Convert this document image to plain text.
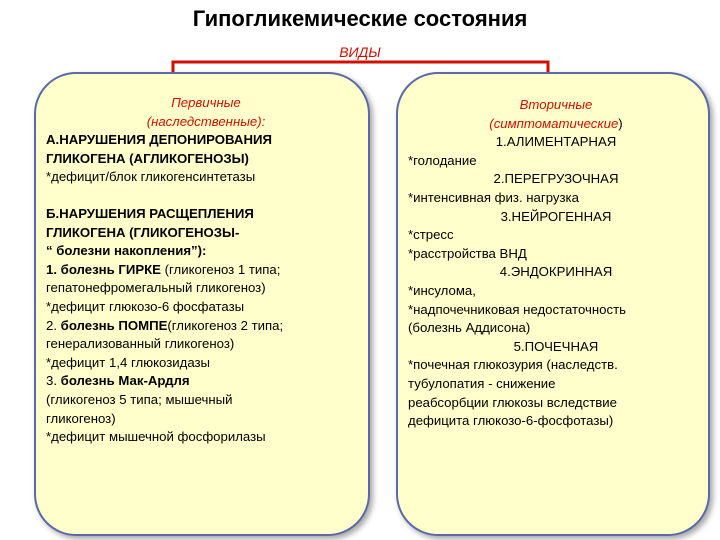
Гипогликемические состояния
ВИДЫ
Первичные
(наследственные):
А.НАРУШЕНИЯ ДЕПОНИРОВАНИЯ
ГЛИКОГЕНА (АГЛИКОГЕНОЗЫ)
*дефицит/блок гликогенсинтетазы
Б.НАРУШЕНИЯ РАСЩЕПЛЕНИЯ
ГЛИКОГЕНА (ГЛИКОГЕНОЗЫ-
“ болезни накопления”):
1. болезнь ГИРКЕ (гликогеноз 1 типа;
гепатонефромегальный гликогеноз)
*дефицит глюкозо-6 фосфатазы
2. болезнь ПОМПЕ(гликогеноз 2 типа;
генерализованный гликогеноз)
*дефицит 1,4 глюкозидазы
3. болезнь Мак-Ардля
(гликогеноз 5 типа; мышечный
гликогеноз)
*дефицит мышечной фосфорилазы
Вторичные
(симптоматические)
1.АЛИМЕНТАРНАЯ
*голодание
2.ПЕРЕГРУЗОЧНАЯ
*интенсивная физ. нагрузка
3.НЕЙРОГЕННАЯ
*стресс
*расстройства ВНД
4.ЭНДОКРИННАЯ
*инсулома,
*надпочечниковая недостаточность
(болезнь Аддисона)
5.ПОЧЕЧНАЯ
*почечная глюкозурия (наследств.
тубулопатия - снижение
реабсорбции глюкозы вследствие
дефицита глюкозо-6-фосфотазы)
